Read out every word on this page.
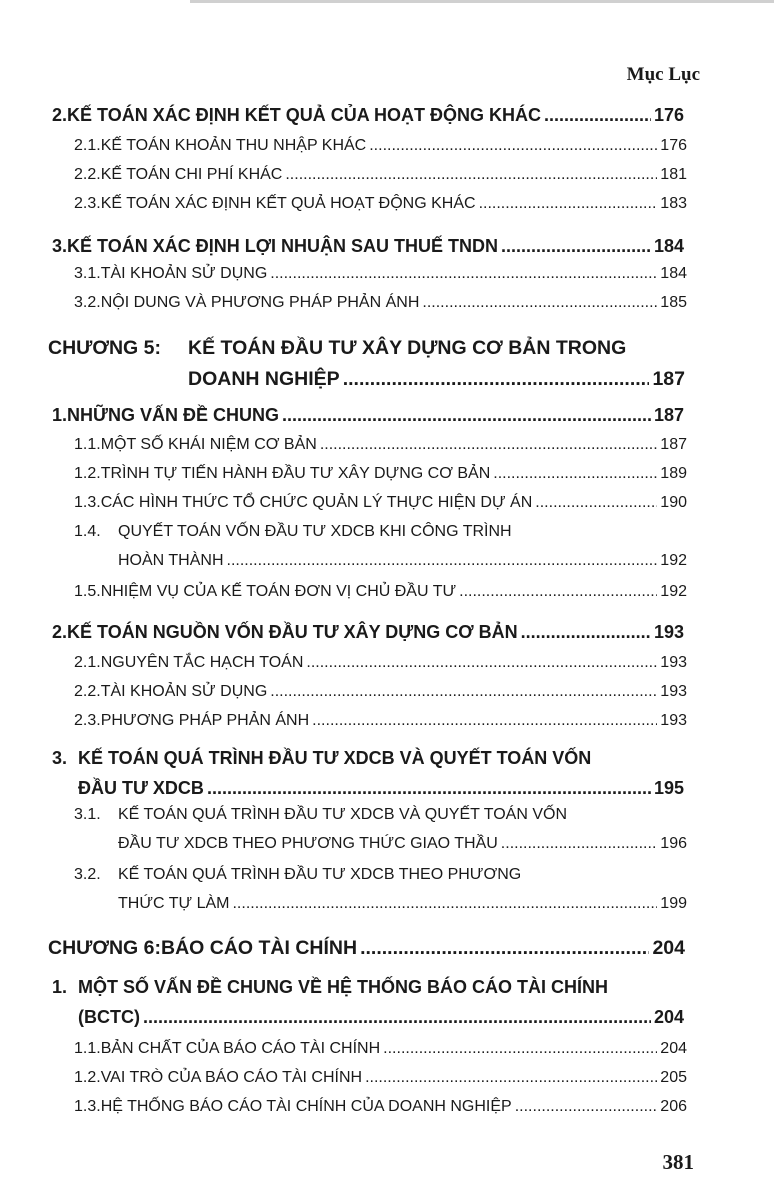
Mục Lục
2. KẾ TOÁN XÁC ĐỊNH KẾT QUẢ CỦA HOẠT ĐỘNG KHÁC .....	176
2.1. KẾ TOÁN KHOẢN THU NHẬP KHÁC .....	176
2.2. KẾ TOÁN CHI PHÍ KHÁC .....	181
2.3. KẾ TOÁN XÁC ĐỊNH KẾT QUẢ HOẠT ĐỘNG KHÁC .....	183
3. KẾ TOÁN XÁC ĐỊNH LỢI NHUẬN SAU THUẾ TNDN .....	184
3.1. TÀI KHOẢN SỬ DỤNG .....	184
3.2. NỘI DUNG VÀ PHƯƠNG PHÁP PHẢN ÁNH .....	185
CHƯƠNG 5:	KẾ TOÁN ĐẦU TƯ XÂY DỰNG CƠ BẢN TRONG
DOANH NGHIỆP .....	187
1. NHỮNG VẤN ĐỀ CHUNG .....	187
1.1. MỘT SỐ KHÁI NIỆM CƠ BẢN .....	187
1.2. TRÌNH TỰ TIẾN HÀNH ĐẦU TƯ XÂY DỰNG CƠ BẢN .....	189
1.3. CÁC HÌNH THỨC TỔ CHỨC QUẢN LÝ THỰC HIỆN DỰ ÁN .....	190
1.4.	QUYẾT TOÁN VỐN ĐẦU TƯ XDCB KHI CÔNG TRÌNH
HOÀN THÀNH .....	192
1.5. NHIỆM VỤ CỦA KẾ TOÁN ĐƠN VỊ CHỦ ĐẦU TƯ .....	192
2. KẾ TOÁN NGUỒN VỐN ĐẦU TƯ XÂY DỰNG CƠ BẢN .....	193
2.1. NGUYÊN TẮC HẠCH TOÁN .....	193
2.2. TÀI KHOẢN SỬ DỤNG .....	193
2.3. PHƯƠNG PHÁP PHẢN ÁNH .....	193
3. KẾ TOÁN QUÁ TRÌNH ĐẦU TƯ XDCB VÀ QUYẾT TOÁN VỐN
ĐẦU TƯ XDCB .....	195
3.1.	KẾ TOÁN QUÁ TRÌNH ĐẦU TƯ XDCB VÀ QUYẾT TOÁN VỐN
ĐẦU TƯ XDCB THEO PHƯƠNG THỨC GIAO THẦU .....	196
3.2.	KẾ TOÁN QUÁ TRÌNH ĐẦU TƯ XDCB THEO PHƯƠNG
THỨC TỰ LÀM .....	199
CHƯƠNG 6: BÁO CÁO TÀI CHÍNH .....	204
1. MỘT SỐ VẤN ĐỀ CHUNG VỀ HỆ THỐNG BÁO CÁO TÀI CHÍNH
(BCTC) .....	204
1.1. BẢN CHẤT CỦA BÁO CÁO TÀI CHÍNH .....	204
1.2. VAI TRÒ CỦA BÁO CÁO TÀI CHÍNH .....	205
1.3. HỆ THỐNG BÁO CÁO TÀI CHÍNH CỦA DOANH NGHIỆP .....	206
381
